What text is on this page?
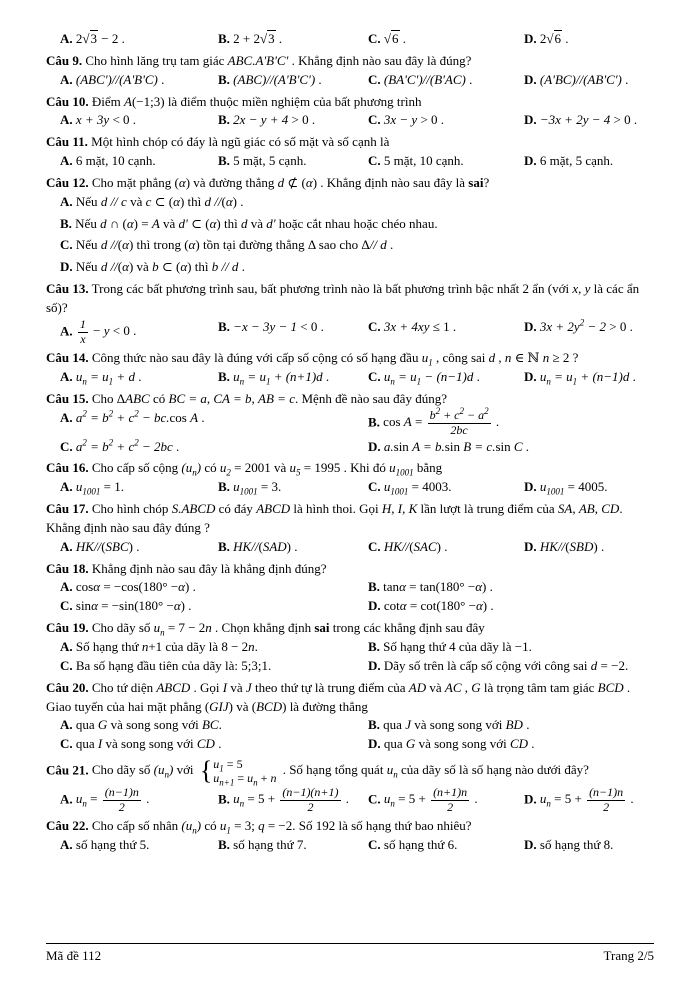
A. 2√3 − 2 .	B. 2 + 2√3 .	C. √6 .	D. 2√6 .
Câu 9. Cho hình lăng trụ tam giác ABC.A'B'C' . Khẳng định nào sau đây là đúng?
A. (ABC')//(A'B'C) .	B. (ABC)//(A'B'C') .	C. (BA'C')//(B'AC) .	D. (A'BC)//(AB'C') .
Câu 10. Điểm A(−1;3) là điểm thuộc miền nghiệm của bất phương trình
A. x + 3y < 0 .	B. 2x − y + 4 > 0 .	C. 3x − y > 0 .	D. −3x + 2y − 4 > 0 .
Câu 11. Một hình chóp có đáy là ngũ giác có số mặt và số cạnh là
A. 6 mặt, 10 cạnh.	B. 5 mặt, 5 cạnh.	C. 5 mặt, 10 cạnh.	D. 6 mặt, 5 cạnh.
Câu 12. Cho mặt phẳng (α) và đường thẳng d ⊄ (α) . Khẳng định nào sau đây là sai?
A. Nếu d // c và c ⊂ (α) thì d //(α) .
B. Nếu d ∩ (α) = A và d' ⊂ (α) thì d và d' hoặc cắt nhau hoặc chéo nhau.
C. Nếu d //(α) thì trong (α) tồn tại đường thẳng Δ sao cho Δ// d .
D. Nếu d //(α) và b ⊂ (α) thì b // d .
Câu 13. Trong các bất phương trình sau, bất phương trình nào là bất phương trình bậc nhất 2 ẩn (với x, y là các ẩn số)?
A. $\frac{1}{x} - y < 0$ .	B. −x − 3y − 1 < 0 .	C. 3x + 4xy ≤ 1 .	D. $3x + 2y^2 - 2 > 0$ .
Câu 14. Công thức nào sau đây là đúng với cấp số cộng có số hạng đầu $u_1$ , công sai d , n ∈ ℕ n ≥ 2 ?
A. $u_n = u_1 + d$ .	B. $u_n = u_1 + (n+1)d$ .	C. $u_n = u_1 - (n-1)d$ .	D. $u_n = u_1 + (n-1)d$ .
Câu 15. Cho ΔABC có BC = a, CA = b, AB = c. Mệnh đề nào sau đây đúng?
A. $a^2 = b^2 + c^2 - bc.\cos$ A .	B. $\cos A = \frac{b^2 + c^2 - a^2}{2bc}$ .
C. $a^2 = b^2 + c^2 - 2bc$ .	D. a.sin A = b.sin B = c.sin C .
Câu 16. Cho cấp số cộng $(u_n)$ có $u_2 = 2001$ và $u_5 = 1995$ . Khi đó $u_{1001}$ bằng
A. $u_{1001} = 1$.	B. $u_{1001} = 3$.	C. $u_{1001} = 4003$.	D. $u_{1001} = 4005$.
Câu 17. Cho hình chóp S.ABCD có đáy ABCD là hình thoi. Gọi H, I, K lần lượt là trung điểm của SA, AB, CD. Khẳng định nào sau đây đúng ?
A. HK//(SBC) .	B. HK//(SAD) .	C. HK//(SAC) .	D. HK//(SBD) .
Câu 18. Khẳng định nào sau đây là khẳng định đúng?
A. cosα = −cos(180° −α) .	B. tanα = tan(180° −α) .
C. sinα = −sin(180° −α) .	D. cotα = cot(180° −α) .
Câu 19. Cho dãy số $u_n = 7 - 2n$ . Chọn khẳng định sai trong các khẳng định sau đây
A. Số hạng thứ n+1 của dãy là 8 − 2n.	B. Số hạng thứ 4 của dãy là −1.
C. Ba số hạng đầu tiên của dãy là: 5;3;1.	D. Dãy số trên là cấp số cộng với công sai d = −2.
Câu 20. Cho tứ diện ABCD . Gọi I và J theo thứ tự là trung điểm của AD và AC , G là trọng tâm tam giác BCD . Giao tuyến của hai mặt phẳng (GIJ) và (BCD) là đường thẳng
A. qua G và song song với BC.	B. qua J và song song với BD .
C. qua I và song song với CD .	D. qua G và song song với CD .
Câu 21. Cho dãy số $(u_n)$ với { $u_1 = 5$
$u_{n+1} = u_n + n$
. Số hạng tổng quát $u_n$ của dãy số là số hạng nào dưới đây?
A. $u_n = \frac{(n-1)n}{2}$ .	B. $u_n = 5 + \frac{(n-1)(n+1)}{2}$ .	C. $u_n = 5 + \frac{(n+1)n}{2}$ .	D. $u_n = 5 + \frac{(n-1)n}{2}$ .
Câu 22. Cho cấp số nhân $(u_n)$ có $u_1 = 3$; q = −2. Số 192 là số hạng thứ bao nhiêu?
A. số hạng thứ 5.	B. số hạng thứ 7.	C. số hạng thứ 6.	D. số hạng thứ 8.
Mã đề 112	Trang 2/5
